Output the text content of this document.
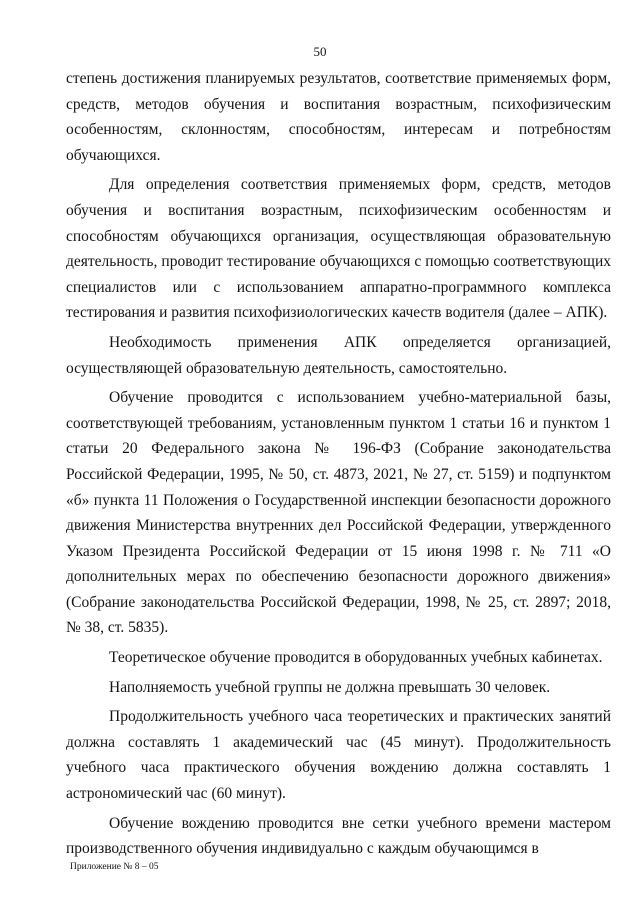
50

степень достижения планируемых результатов, соответствие применяемых форм, средств, методов обучения и воспитания возрастным, психофизическим особенностям, склонностям, способностям, интересам и потребностям обучающихся.

Для определения соответствия применяемых форм, средств, методов обучения и воспитания возрастным, психофизическим особенностям и способностям обучающихся организация, осуществляющая образовательную деятельность, проводит тестирование обучающихся с помощью соответствующих специалистов или с использованием аппаратно-программного комплекса тестирования и развития психофизиологических качеств водителя (далее – АПК).

Необходимость применения АПК определяется организацией, осуществляющей образовательную деятельность, самостоятельно.

Обучение проводится с использованием учебно-материальной базы, соответствующей требованиям, установленным пунктом 1 статьи 16 и пунктом 1 статьи 20 Федерального закона № 196-ФЗ (Собрание законодательства Российской Федерации, 1995, № 50, ст. 4873, 2021, № 27, ст. 5159) и подпунктом «б» пункта 11 Положения о Государственной инспекции безопасности дорожного движения Министерства внутренних дел Российской Федерации, утвержденного Указом Президента Российской Федерации от 15 июня 1998 г. № 711 «О дополнительных мерах по обеспечению безопасности дорожного движения» (Собрание законодательства Российской Федерации, 1998, № 25, ст. 2897; 2018, № 38, ст. 5835).

Теоретическое обучение проводится в оборудованных учебных кабинетах.

Наполняемость учебной группы не должна превышать 30 человек.

Продолжительность учебного часа теоретических и практических занятий должна составлять 1 академический час (45 минут). Продолжительность учебного часа практического обучения вождению должна составлять 1 астрономический час (60 минут).

Обучение вождению проводится вне сетки учебного времени мастером производственного обучения индивидуально с каждым обучающимся в

Приложение № 8 – 05
